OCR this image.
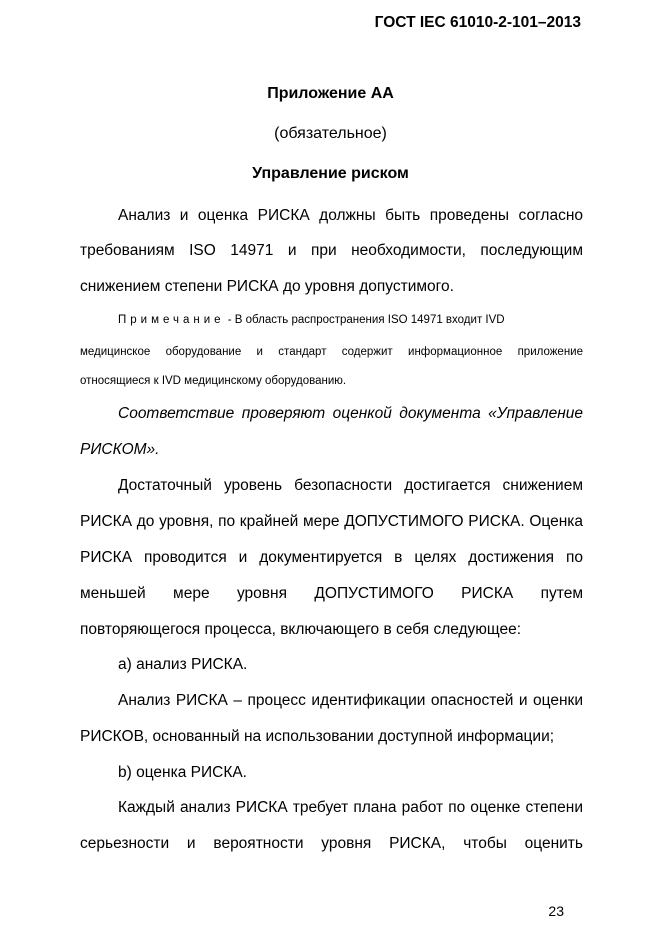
ГОСТ IEC 61010-2-101–2013
Приложение АА
(обязательное)
Управление риском
Анализ и оценка РИСКА должны быть проведены согласно
требованиям ISO 14971 и при необходимости, последующим
снижением степени РИСКА до уровня допустимого.
Примечание - В область распространения ISO 14971 входит IVD
медицинское оборудование и стандарт содержит информационное приложение
относящиеся к IVD медицинскому оборудованию.
Соответствие проверяют оценкой документа «Управление
РИСКОМ».
Достаточный уровень безопасности достигается снижением
РИСКА до уровня, по крайней мере ДОПУСТИМОГО РИСКА. Оценка
РИСКА проводится и документируется в целях достижения по
меньшей мере уровня ДОПУСТИМОГО РИСКА путем
повторяющегося процесса, включающего в себя следующее:
а) анализ РИСКА.
Анализ РИСКА – процесс идентификации опасностей и оценки
РИСКОВ, основанный на использовании доступной информации;
b) оценка РИСКА.
Каждый анализ РИСКА требует плана работ по оценке степени
серьезности и вероятности уровня РИСКА, чтобы оценить
23
